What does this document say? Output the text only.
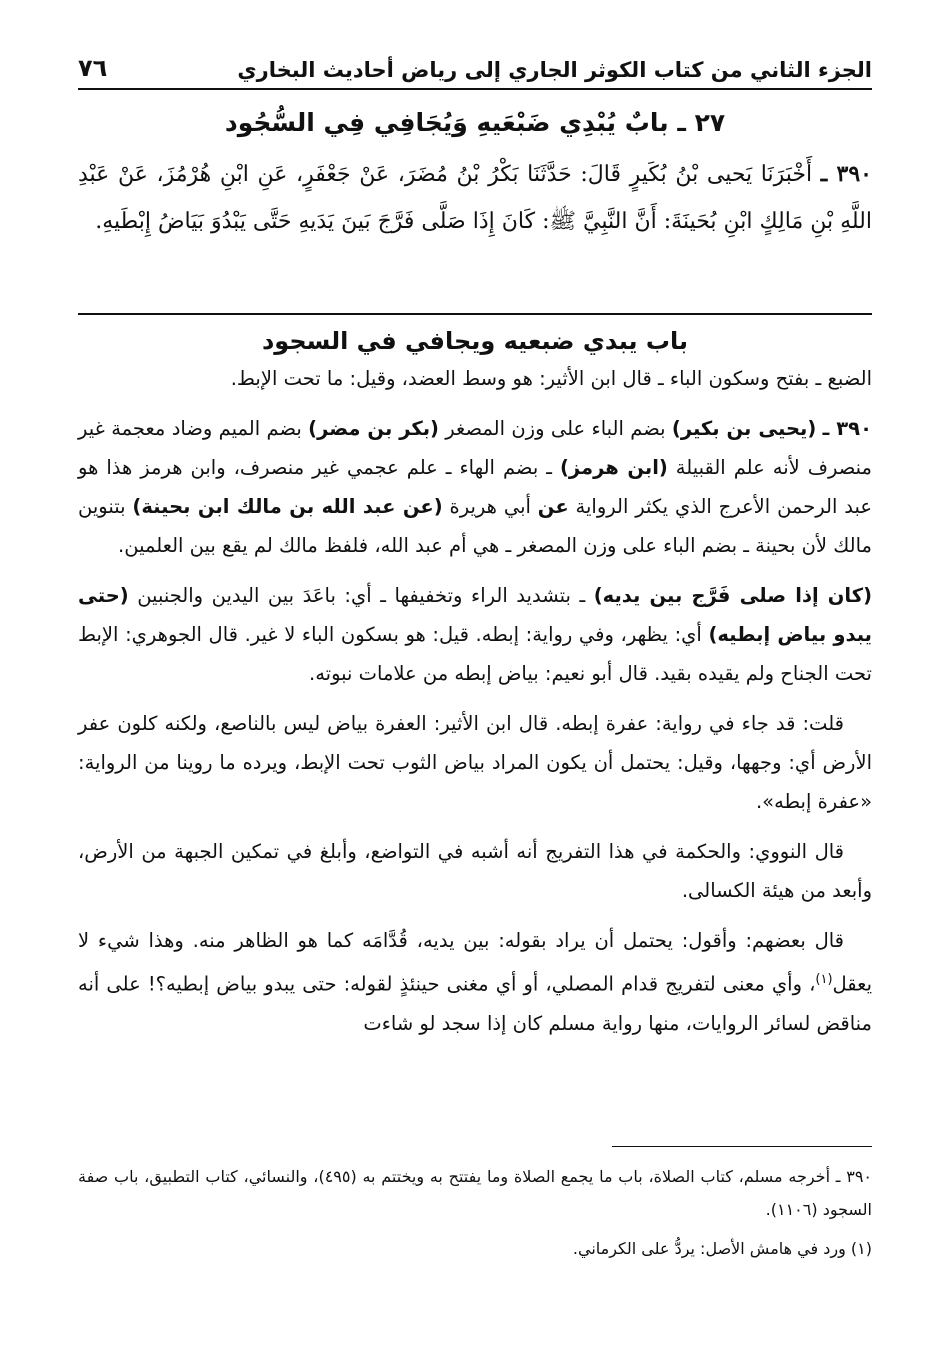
الجزء الثاني من كتاب الكوثر الجاري إلى رياض أحاديث البخاري
٧٦
٢٧ ـ بابٌ يُبْدِي ضَبْعَيهِ وَيُجَافِي فِي السُّجُود

٣٩٠ ـ أَخْبَرَنَا يَحيى بْنُ بُكَيرٍ قَالَ: حَدَّثَنَا بَكْرُ بْنُ مُضَرَ، عَنْ جَعْفَرٍ، عَنِ ابْنِ هُرْمُزَ، عَنْ عَبْدِ اللَّهِ بْنِ مَالِكٍ ابْنِ بُحَينَةَ: أَنَّ النَّبِيَّ ﷺ: كَانَ إِذَا صَلَّى فَرَّجَ بَينَ يَدَيهِ حَتَّى يَبْدُوَ بَيَاضُ إِبْطَيهِ.

باب يبدي ضبعيه ويجافي في السجود

الضبع ـ بفتح وسكون الباء ـ قال ابن الأثير: هو وسط العضد، وقيل: ما تحت الإبط.

٣٩٠ ـ (يحيى بن بكير) بضم الباء على وزن المصغر (بكر بن مضر) بضم الميم وضاد معجمة غير منصرف لأنه علم القبيلة (ابن هرمز) ـ بضم الهاء ـ علم عجمي غير منصرف، وابن هرمز هذا هو عبد الرحمن الأعرج الذي يكثر الرواية عن أبي هريرة (عن عبد الله بن مالك ابن بحينة) بتنوين مالك لأن بحينة ـ بضم الباء على وزن المصغر ـ هي أم عبد الله، فلفظ مالك لم يقع بين العلمين.

(كان إذا صلى فَرَّج بين يديه) ـ بتشديد الراء وتخفيفها ـ أي: باعَدَ بين اليدين والجنبين (حتى يبدو بياض إبطيه) أي: يظهر، وفي رواية: إبطه. قيل: هو بسكون الباء لا غير. قال الجوهري: الإبط تحت الجناح ولم يقيده بقيد. قال أبو نعيم: بياض إبطه من علامات نبوته.

قلت: قد جاء في رواية: عفرة إبطه. قال ابن الأثير: العفرة بياض ليس بالناصع، ولكنه كلون عفر الأرض أي: وجهها، وقيل: يحتمل أن يكون المراد بياض الثوب تحت الإبط، ويرده ما روينا من الرواية: «عفرة إبطه».

قال النووي: والحكمة في هذا التفريج أنه أشبه في التواضع، وأبلغ في تمكين الجبهة من الأرض، وأبعد من هيئة الكسالى.

قال بعضهم: وأقول: يحتمل أن يراد بقوله: بين يديه، قُدَّامَه كما هو الظاهر منه. وهذا شيء لا يعقل$^{(١)}$، وأي معنى لتفريج قدام المصلي، أو أي مغنى حينئذٍ لقوله: حتى يبدو بياض إبطيه؟! على أنه مناقض لسائر الروايات، منها رواية مسلم كان إذا سجد لو شاءت

٣٩٠ ـ أخرجه مسلم، كتاب الصلاة، باب ما يجمع الصلاة وما يفتتح به ويختتم به (٤٩٥)، والنسائي، كتاب التطبيق، باب صفة السجود (١١٠٦).

(١) ورد في هامش الأصل: يردُّ على الكرماني.
